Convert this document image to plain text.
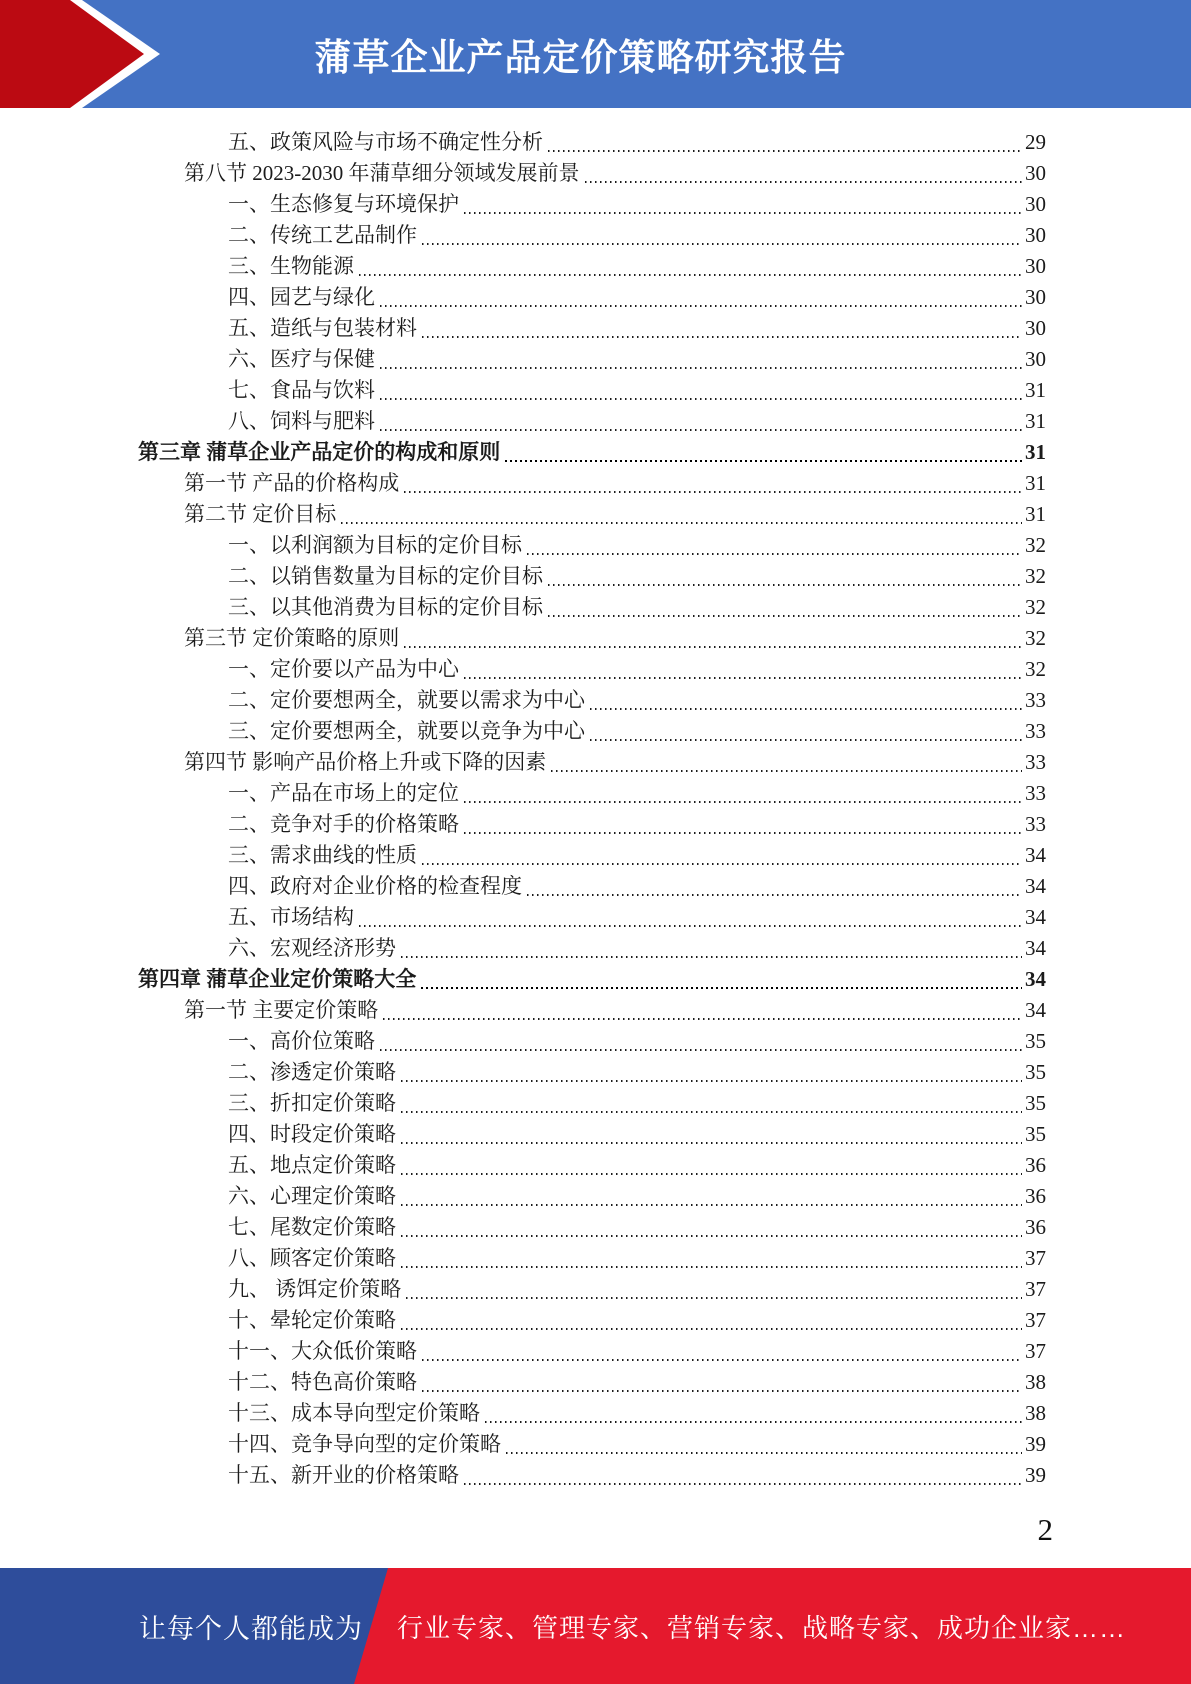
蒲草企业产品定价策略研究报告
五、政策风险与市场不确定性分析	29
第八节 2023-2030 年蒲草细分领域发展前景	30
一、生态修复与环境保护	30
二、传统工艺品制作	30
三、生物能源	30
四、园艺与绿化	30
五、造纸与包装材料	30
六、医疗与保健	30
七、食品与饮料	31
八、饲料与肥料	31
第三章 蒲草企业产品定价的构成和原则	31
第一节 产品的价格构成	31
第二节 定价目标	31
一、以利润额为目标的定价目标	32
二、以销售数量为目标的定价目标	32
三、以其他消费为目标的定价目标	32
第三节 定价策略的原则	32
一、定价要以产品为中心	32
二、定价要想两全，就要以需求为中心	33
三、定价要想两全，就要以竞争为中心	33
第四节 影响产品价格上升或下降的因素	33
一、产品在市场上的定位	33
二、竞争对手的价格策略	33
三、需求曲线的性质	34
四、政府对企业价格的检查程度	34
五、市场结构	34
六、宏观经济形势	34
第四章 蒲草企业定价策略大全	34
第一节 主要定价策略	34
一、高价位策略	35
二、渗透定价策略	35
三、折扣定价策略	35
四、时段定价策略	35
五、地点定价策略	36
六、心理定价策略	36
七、尾数定价策略	36
八、顾客定价策略	37
九、 诱饵定价策略	37
十、晕轮定价策略	37
十一、大众低价策略	37
十二、特色高价策略	38
十三、成本导向型定价策略	38
十四、竞争导向型的定价策略	39
十五、新开业的价格策略	39
2
让每个人都能成为 行业专家、管理专家、营销专家、战略专家、成功企业家……
